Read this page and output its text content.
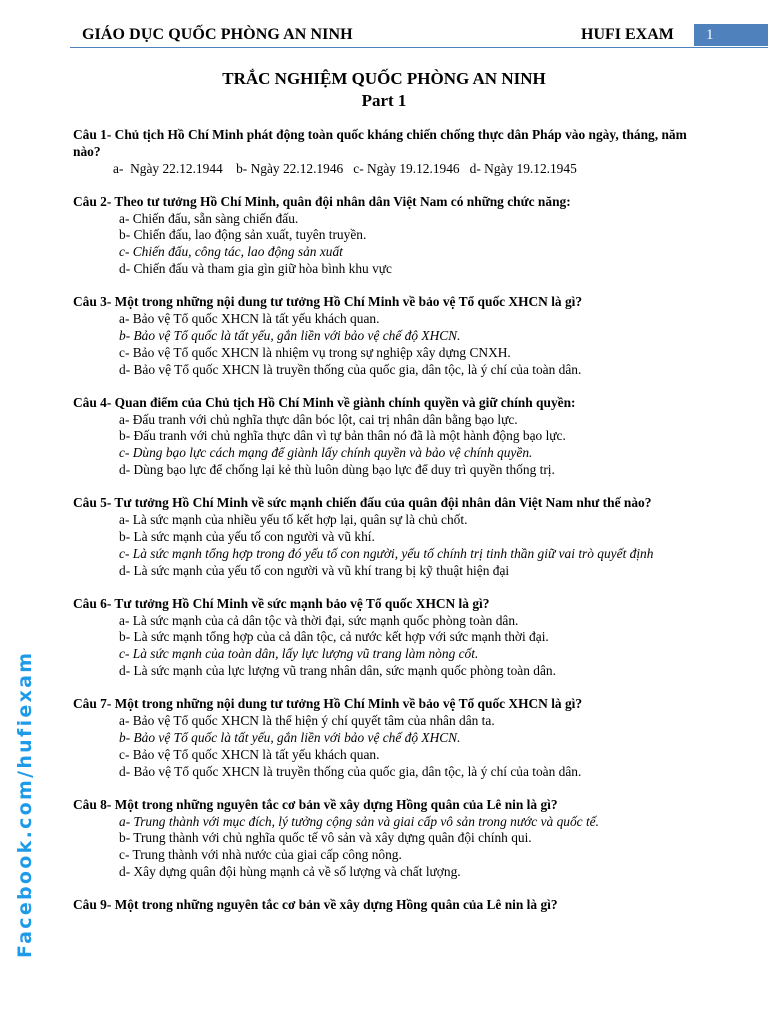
GIÁO DỤC QUỐC PHÒNG AN NINH	HUFI EXAM	1
TRẮC NGHIỆM QUỐC PHÒNG AN NINH
Part 1
Facebook.com/hufiexam
Câu 1- Chủ tịch Hồ Chí Minh phát động toàn quốc kháng chiến chống thực dân Pháp vào ngày, tháng, năm nào?
a-  Ngày 22.12.1944    b- Ngày 22.12.1946   c- Ngày 19.12.1946   d- Ngày 19.12.1945
Câu 2- Theo tư tưởng Hồ Chí Minh, quân đội nhân dân Việt Nam có những chức năng:
a- Chiến đấu, sẵn sàng chiến đấu.
b- Chiến đấu, lao động sản xuất, tuyên truyền.
c- Chiến đấu, công tác, lao động sản xuất
d- Chiến đấu và tham gia gìn giữ hòa bình khu vực
Câu 3- Một trong những nội dung tư tưởng Hồ Chí Minh về bảo vệ Tổ quốc XHCN là gì?
a- Bảo vệ Tổ quốc XHCN là tất yếu khách quan.
b- Bảo vệ Tổ quốc là tất yếu, gắn liền với bảo vệ chế độ XHCN.
c- Bảo vệ Tổ quốc XHCN là nhiệm vụ trong sự nghiệp xây dựng CNXH.
d- Bảo vệ Tổ quốc XHCN là truyền thống của quốc gia, dân tộc, là ý chí của toàn dân.
Câu 4- Quan điểm của Chủ tịch Hồ Chí Minh về giành chính quyền và giữ chính quyền:
a- Đấu tranh với chủ nghĩa thực dân bóc lột, cai trị nhân dân bằng bạo lực.
b- Đấu tranh với chủ nghĩa thực dân vì tự bản thân nó đã là một hành động bạo lực.
c- Dùng bạo lực cách mạng để giành lấy chính quyền và bảo vệ chính quyền.
d- Dùng bạo lực để chống lại kẻ thù luôn dùng bạo lực để duy trì quyền thống trị.
Câu 5- Tư tưởng Hồ Chí Minh về sức mạnh chiến đấu của quân đội nhân dân Việt Nam như thế nào?
a- Là sức mạnh của nhiều yếu tố kết hợp lại, quân sự là chủ chốt.
b- Là sức mạnh của yếu tố con người và vũ khí.
c- Là sức mạnh tổng hợp trong đó yếu tố con người, yếu tố chính trị tinh thần giữ vai trò quyết định
d- Là sức mạnh của yếu tố con người và vũ khí trang bị kỹ thuật hiện đại
Câu 6- Tư tưởng Hồ Chí Minh về sức mạnh bảo vệ Tổ quốc XHCN là gì?
a- Là sức mạnh của cả dân tộc và thời đại, sức mạnh quốc phòng toàn dân.
b- Là sức mạnh tổng hợp của cả dân tộc, cả nước kết hợp với sức mạnh thời đại.
c- Là sức mạnh của toàn dân, lấy lực lượng vũ trang làm nòng cốt.
d- Là sức mạnh của lực lượng vũ trang nhân dân, sức mạnh quốc phòng toàn dân.
Câu 7- Một trong những nội dung tư tưởng Hồ Chí Minh về bảo vệ Tổ quốc XHCN là gì?
a- Bảo vệ Tổ quốc XHCN là thể hiện ý chí quyết tâm của nhân dân ta.
b- Bảo vệ Tổ quốc là tất yếu, gắn liền với bảo vệ chế độ XHCN.
c- Bảo vệ Tổ quốc XHCN là tất yếu khách quan.
d- Bảo vệ Tổ quốc XHCN là truyền thống của quốc gia, dân tộc, là ý chí của toàn dân.
Câu 8- Một trong những nguyên tắc cơ bản về xây dựng Hồng quân của Lê nin là gì?
a- Trung thành với mục đích, lý tưởng cộng sản và giai cấp vô sản trong nước và quốc tế.
b- Trung thành với chủ nghĩa quốc tế vô sản và xây dựng quân đội chính qui.
c- Trung thành với nhà nước của giai cấp công nông.
d- Xây dựng quân đội hùng mạnh cả về số lượng và chất lượng.
Câu 9- Một trong những nguyên tắc cơ bản về xây dựng Hồng quân của Lê nin là gì?
